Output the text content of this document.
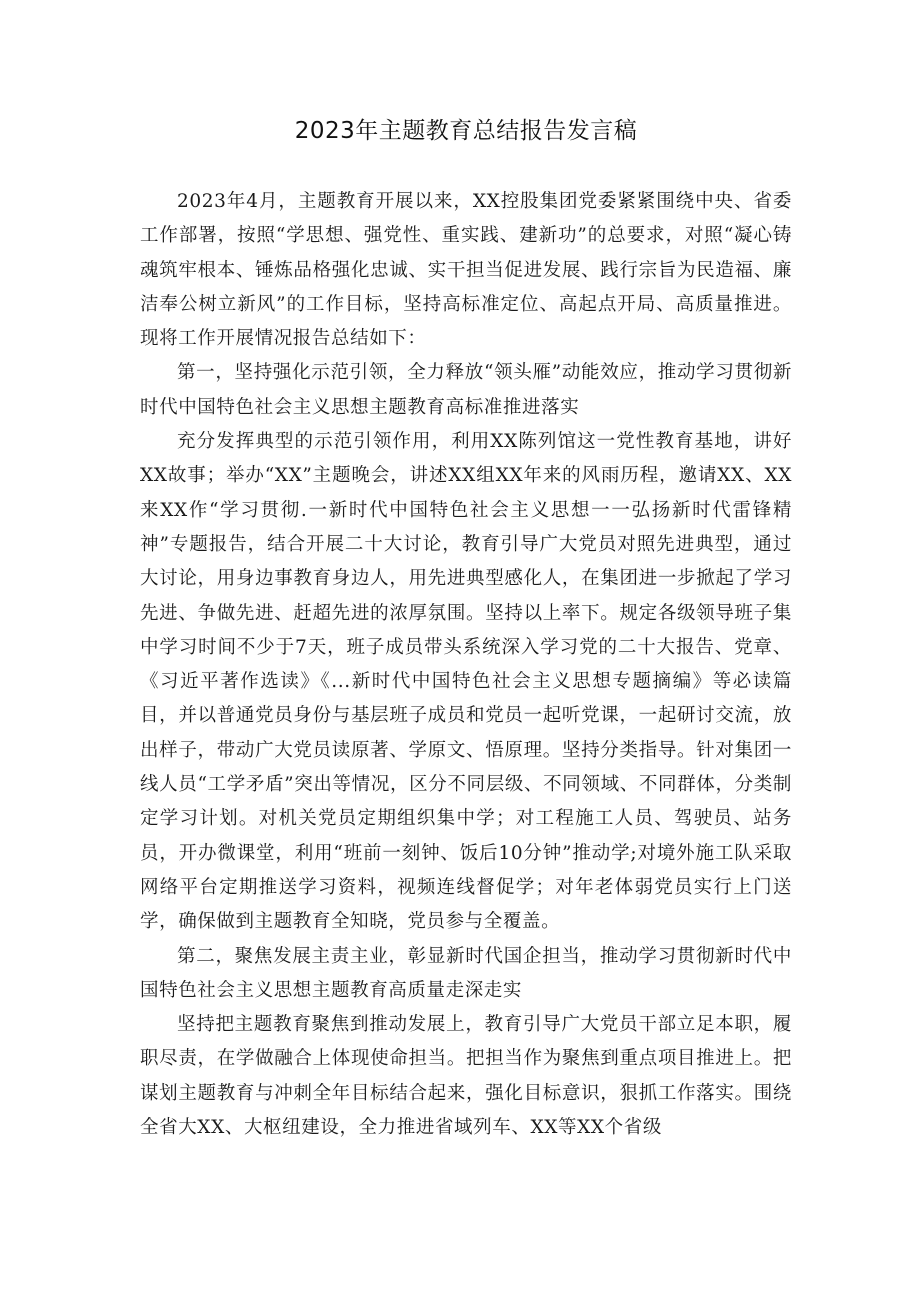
2023年主题教育总结报告发言稿

2023年4月，主题教育开展以来，XX控股集团党委紧紧围绕中央、省委工作部署，按照“学思想、强党性、重实践、建新功”的总要求，对照“凝心铸魂筑牢根本、锤炼品格强化忠诚、实干担当促进发展、践行宗旨为民造福、廉洁奉公树立新风”的工作目标，坚持高标准定位、高起点开局、高质量推进。现将工作开展情况报告总结如下：

第一，坚持强化示范引领，全力释放“领头雁”动能效应，推动学习贯彻新时代中国特色社会主义思想主题教育高标准推进落实

充分发挥典型的示范引领作用，利用XX陈列馆这一党性教育基地，讲好XX故事；举办“XX”主题晚会，讲述XX组XX年来的风雨历程，邀请XX、XX来XX作“学习贯彻.一新时代中国特色社会主义思想一一弘扬新时代雷锋精神”专题报告，结合开展二十大讨论，教育引导广大党员对照先进典型，通过大讨论，用身边事教育身边人，用先进典型感化人，在集团进一步掀起了学习先进、争做先进、赶超先进的浓厚氛围。坚持以上率下。规定各级领导班子集中学习时间不少于7天，班子成员带头系统深入学习党的二十大报告、党章、《习近平著作选读》《...新时代中国特色社会主义思想专题摘编》等必读篇目，并以普通党员身份与基层班子成员和党员一起听党课，一起研讨交流，放出样子，带动广大党员读原著、学原文、悟原理。坚持分类指导。针对集团一线人员“工学矛盾”突出等情况，区分不同层级、不同领域、不同群体，分类制定学习计划。对机关党员定期组织集中学；对工程施工人员、驾驶员、站务员，开办微课堂，利用“班前一刻钟、饭后10分钟”推动学;对境外施工队采取网络平台定期推送学习资料，视频连线督促学；对年老体弱党员实行上门送学，确保做到主题教育全知晓，党员参与全覆盖。

第二，聚焦发展主责主业，彰显新时代国企担当，推动学习贯彻新时代中国特色社会主义思想主题教育高质量走深走实

坚持把主题教育聚焦到推动发展上，教育引导广大党员干部立足本职，履职尽责，在学做融合上体现使命担当。把担当作为聚焦到重点项目推进上。把谋划主题教育与冲刺全年目标结合起来，强化目标意识，狠抓工作落实。围绕全省大XX、大枢纽建设，全力推进省域列车、XX等XX个省级
